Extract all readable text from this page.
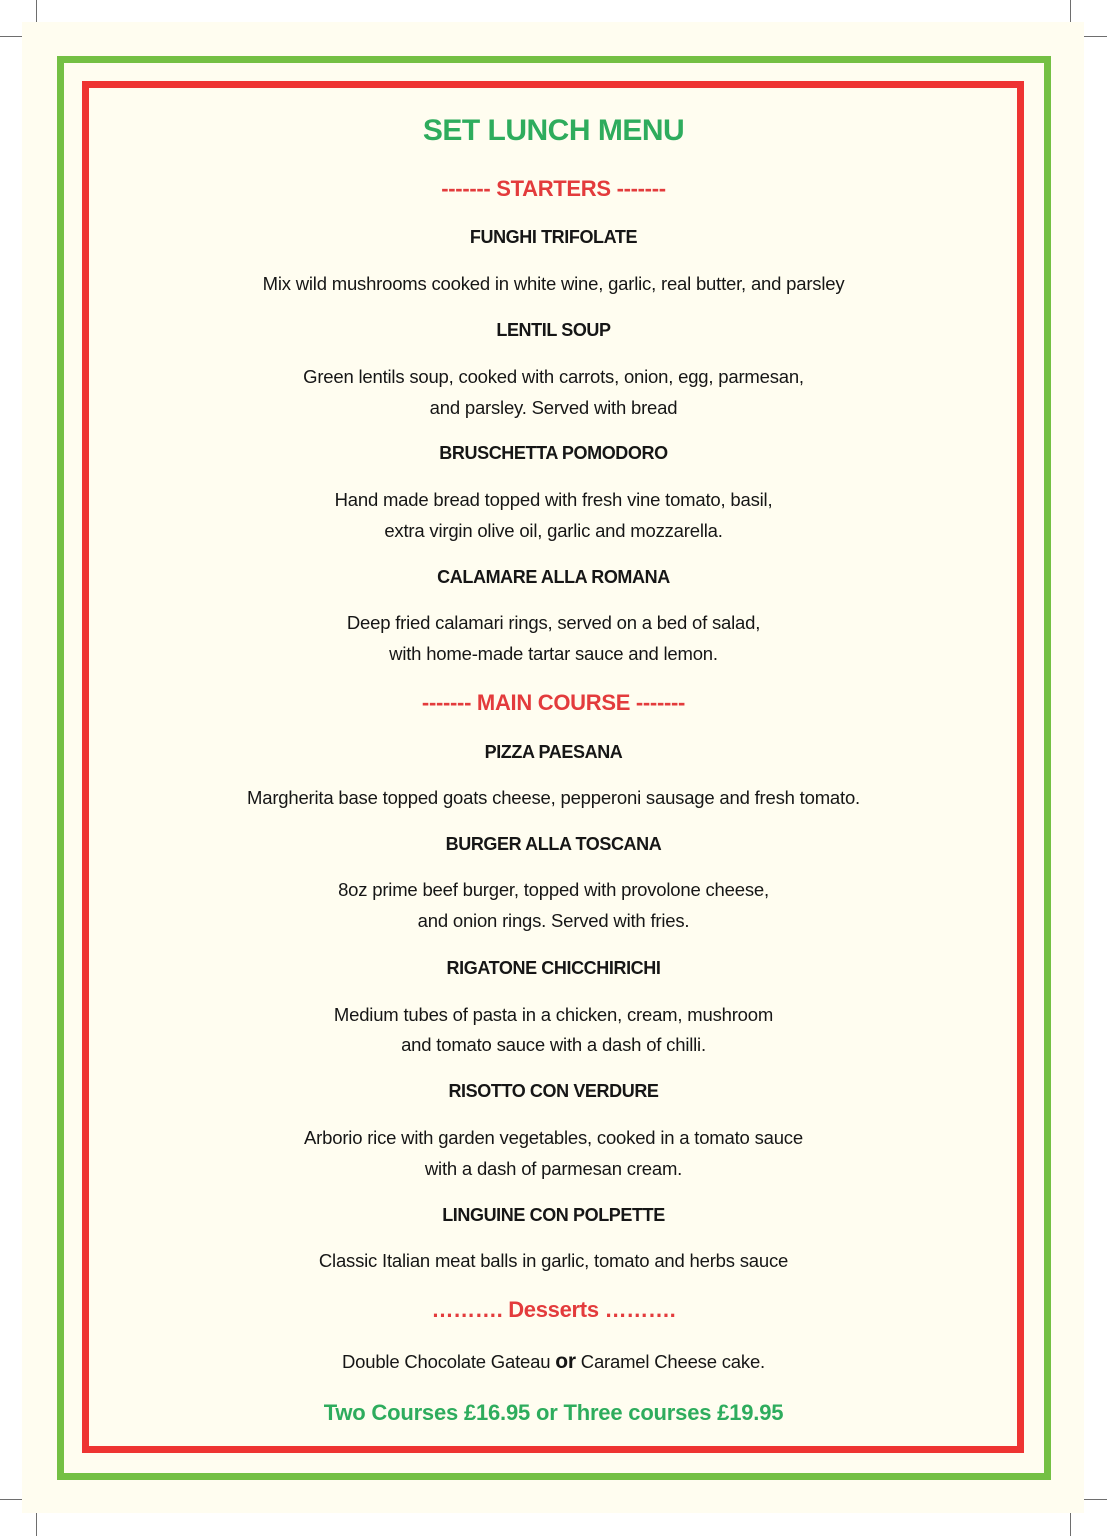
SET LUNCH MENU
------- STARTERS -------
FUNGHI TRIFOLATE
Mix wild mushrooms cooked in white wine, garlic, real butter, and parsley
LENTIL SOUP
Green lentils soup, cooked with carrots, onion, egg, parmesan,
and parsley. Served with bread
BRUSCHETTA POMODORO
Hand made bread topped with fresh vine tomato, basil,
extra virgin olive oil, garlic and mozzarella.
CALAMARE ALLA ROMANA
Deep fried calamari rings, served on a bed of salad,
with home-made tartar sauce and lemon.
------- MAIN COURSE -------
PIZZA PAESANA
Margherita base topped goats cheese, pepperoni sausage and fresh tomato.
BURGER ALLA TOSCANA
8oz prime beef burger, topped with provolone cheese,
and onion rings. Served with fries.
RIGATONE CHICCHIRICHI
Medium tubes of pasta in a chicken, cream, mushroom
and tomato sauce with a dash of chilli.
RISOTTO CON VERDURE
Arborio rice with garden vegetables, cooked in a tomato sauce
with a dash of parmesan cream.
LINGUINE CON POLPETTE
Classic Italian meat balls in garlic, tomato and herbs sauce
………. Desserts ……….
Double Chocolate Gateau or Caramel Cheese cake.
Two Courses £16.95 or Three courses £19.95
